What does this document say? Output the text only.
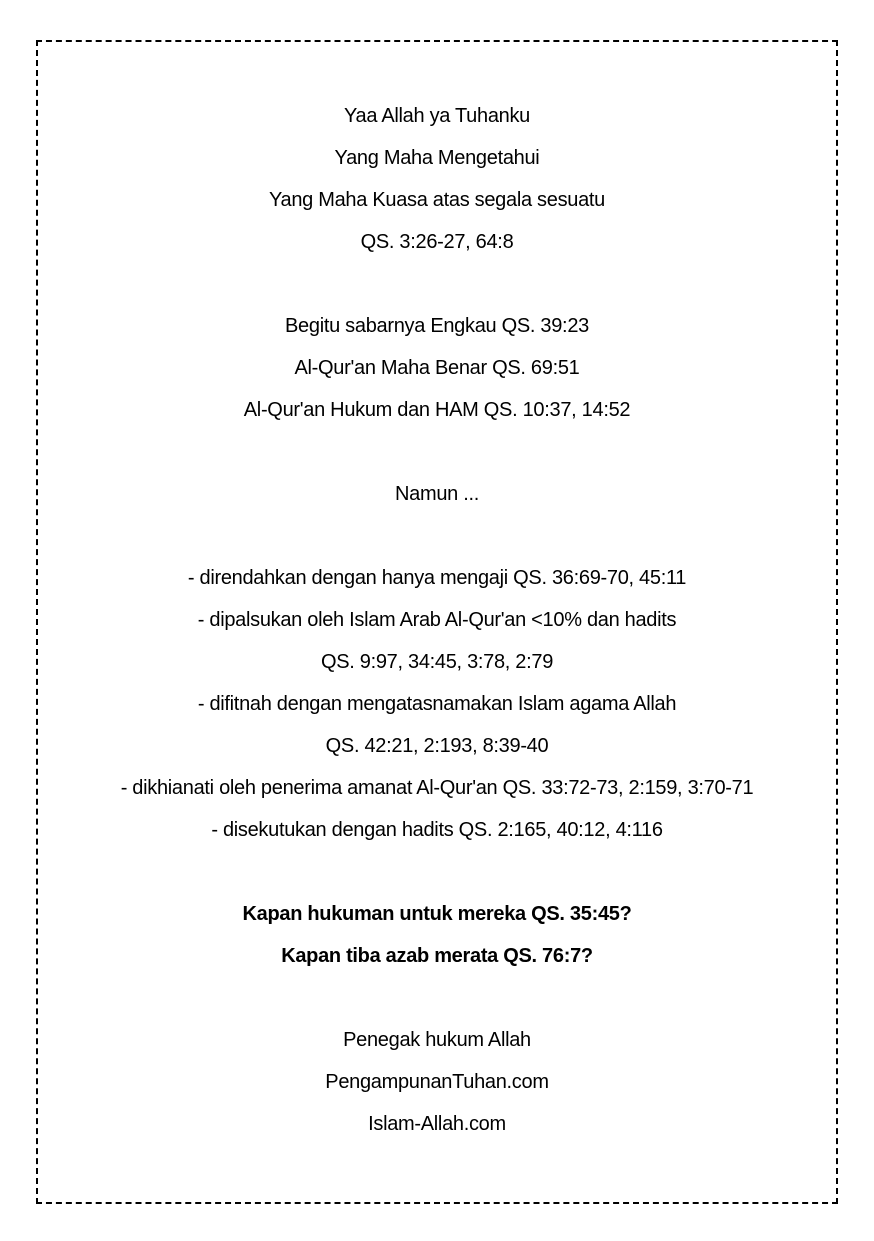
Yaa Allah ya Tuhanku

Yang Maha Mengetahui

Yang Maha Kuasa atas segala sesuatu

QS. 3:26-27, 64:8

Begitu sabarnya Engkau QS. 39:23

Al-Qur'an Maha Benar QS. 69:51

Al-Qur'an Hukum dan HAM QS. 10:37, 14:52

Namun ...

- direndahkan dengan hanya mengaji QS. 36:69-70, 45:11

- dipalsukan oleh Islam Arab Al-Qur'an <10% dan hadits

QS. 9:97, 34:45, 3:78, 2:79

- difitnah dengan mengatasnamakan Islam agama Allah

QS. 42:21, 2:193, 8:39-40

- dikhianati oleh penerima amanat Al-Qur'an QS. 33:72-73, 2:159, 3:70-71

- disekutukan dengan hadits QS. 2:165, 40:12, 4:116

Kapan hukuman untuk mereka QS. 35:45?

Kapan tiba azab merata QS. 76:7?

Penegak hukum Allah

PengampunanTuhan.com

Islam-Allah.com
